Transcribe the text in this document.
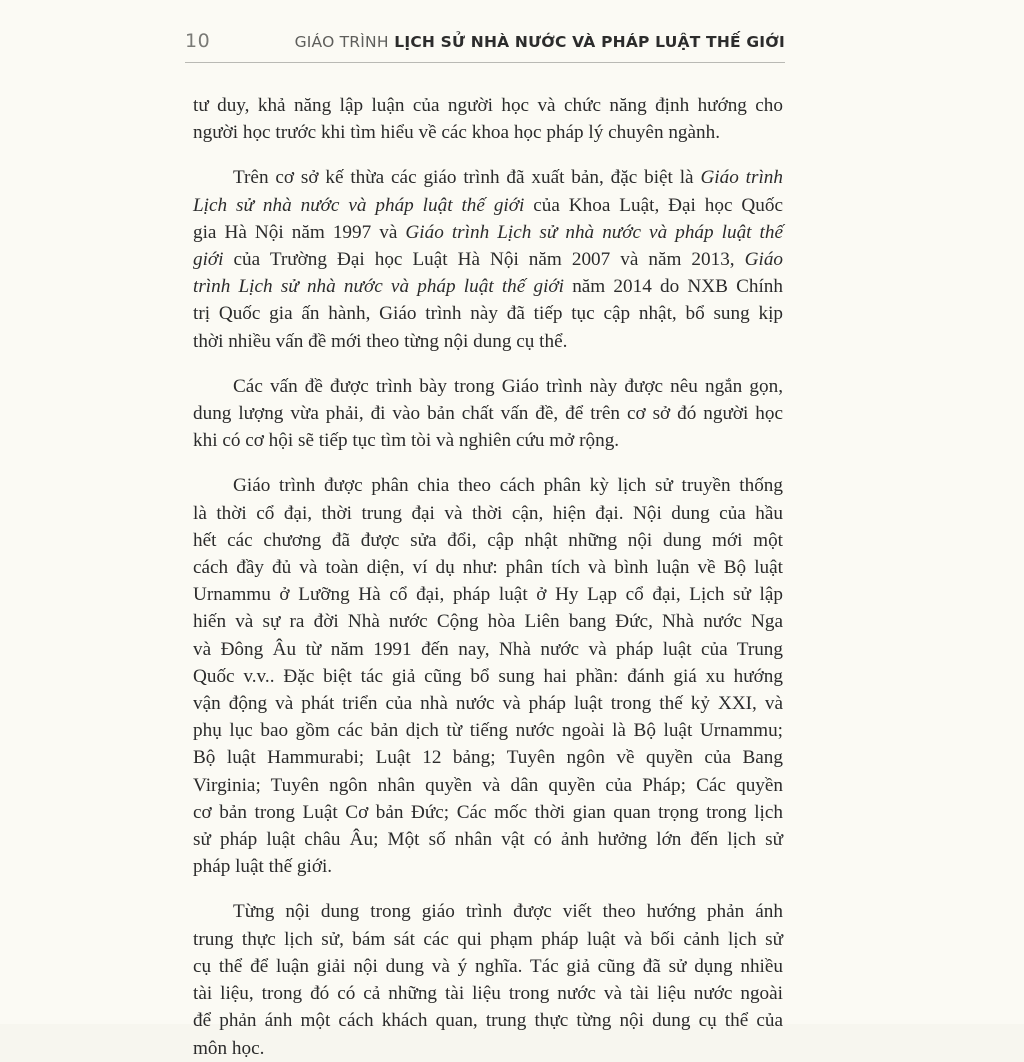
10	GIÁO TRÌNH LỊCH SỬ NHÀ NƯỚC VÀ PHÁP LUẬT THẾ GIỚI

tư duy, khả năng lập luận của người học và chức năng định hướng cho
người học trước khi tìm hiểu về các khoa học pháp lý chuyên ngành.

Trên cơ sở kế thừa các giáo trình đã xuất bản, đặc biệt là Giáo trình
Lịch sử nhà nước và pháp luật thế giới của Khoa Luật, Đại học Quốc
gia Hà Nội năm 1997 và Giáo trình Lịch sử nhà nước và pháp luật thế
giới của Trường Đại học Luật Hà Nội năm 2007 và năm 2013, Giáo
trình Lịch sử nhà nước và pháp luật thế giới năm 2014 do NXB Chính
trị Quốc gia ấn hành, Giáo trình này đã tiếp tục cập nhật, bổ sung kịp
thời nhiều vấn đề mới theo từng nội dung cụ thể.

Các vấn đề được trình bày trong Giáo trình này được nêu ngắn gọn,
dung lượng vừa phải, đi vào bản chất vấn đề, để trên cơ sở đó người học
khi có cơ hội sẽ tiếp tục tìm tòi và nghiên cứu mở rộng.

Giáo trình được phân chia theo cách phân kỳ lịch sử truyền thống
là thời cổ đại, thời trung đại và thời cận, hiện đại. Nội dung của hầu
hết các chương đã được sửa đổi, cập nhật những nội dung mới một
cách đầy đủ và toàn diện, ví dụ như: phân tích và bình luận về Bộ luật
Urnammu ở Lưỡng Hà cổ đại, pháp luật ở Hy Lạp cổ đại, Lịch sử lập
hiến và sự ra đời Nhà nước Cộng hòa Liên bang Đức, Nhà nước Nga
và Đông Âu từ năm 1991 đến nay, Nhà nước và pháp luật của Trung
Quốc v.v.. Đặc biệt tác giả cũng bổ sung hai phần: đánh giá xu hướng
vận động và phát triển của nhà nước và pháp luật trong thế kỷ XXI, và
phụ lục bao gồm các bản dịch từ tiếng nước ngoài là Bộ luật Urnammu;
Bộ luật Hammurabi; Luật 12 bảng; Tuyên ngôn về quyền của Bang
Virginia; Tuyên ngôn nhân quyền và dân quyền của Pháp; Các quyền
cơ bản trong Luật Cơ bản Đức; Các mốc thời gian quan trọng trong lịch
sử pháp luật châu Âu; Một số nhân vật có ảnh hưởng lớn đến lịch sử
pháp luật thế giới.

Từng nội dung trong giáo trình được viết theo hướng phản ánh
trung thực lịch sử, bám sát các qui phạm pháp luật và bối cảnh lịch sử
cụ thể để luận giải nội dung và ý nghĩa. Tác giả cũng đã sử dụng nhiều
tài liệu, trong đó có cả những tài liệu trong nước và tài liệu nước ngoài
để phản ánh một cách khách quan, trung thực từng nội dung cụ thể của
môn học.
